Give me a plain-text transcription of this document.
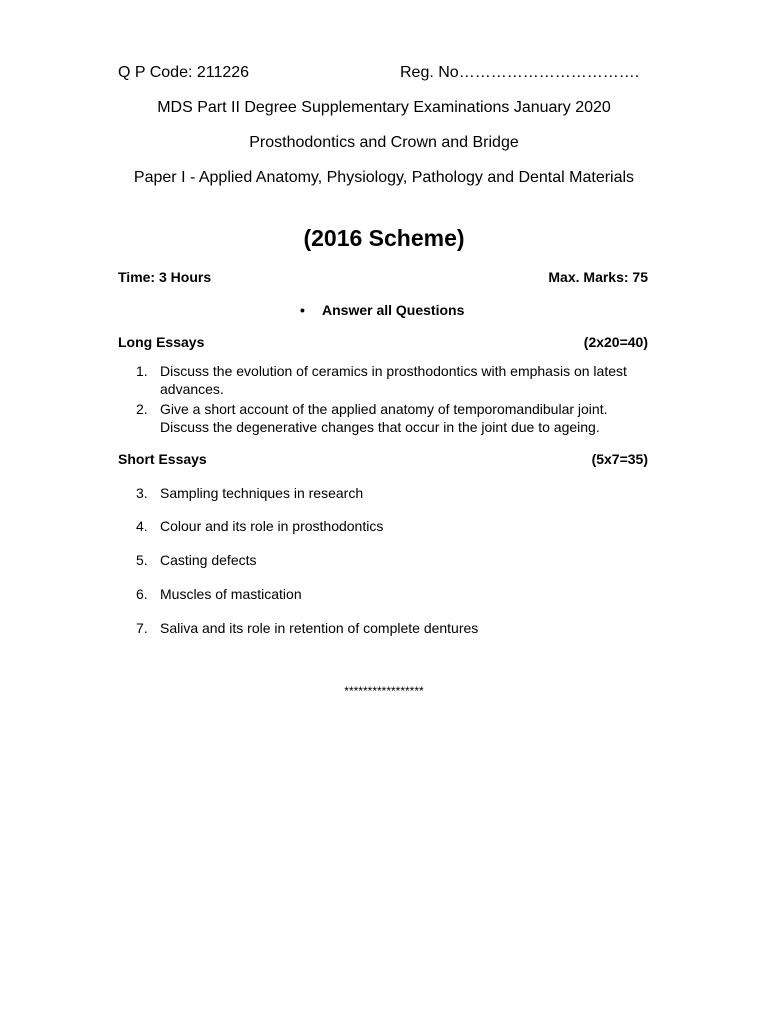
Q P Code: 211226	Reg. No…………………………….
MDS Part II Degree Supplementary Examinations January 2020
Prosthodontics and Crown and Bridge
Paper I - Applied Anatomy, Physiology, Pathology and Dental Materials
(2016 Scheme)
Time: 3 Hours	Max. Marks: 75
• Answer all Questions
Long Essays	(2x20=40)
1. Discuss the evolution of ceramics in prosthodontics with emphasis on latest advances.
2. Give a short account of the applied anatomy of temporomandibular joint. Discuss the degenerative changes that occur in the joint due to ageing.
Short Essays	(5x7=35)
3. Sampling techniques in research
4. Colour and its role in prosthodontics
5. Casting defects
6. Muscles of mastication
7. Saliva and its role in retention of complete dentures
*****************
